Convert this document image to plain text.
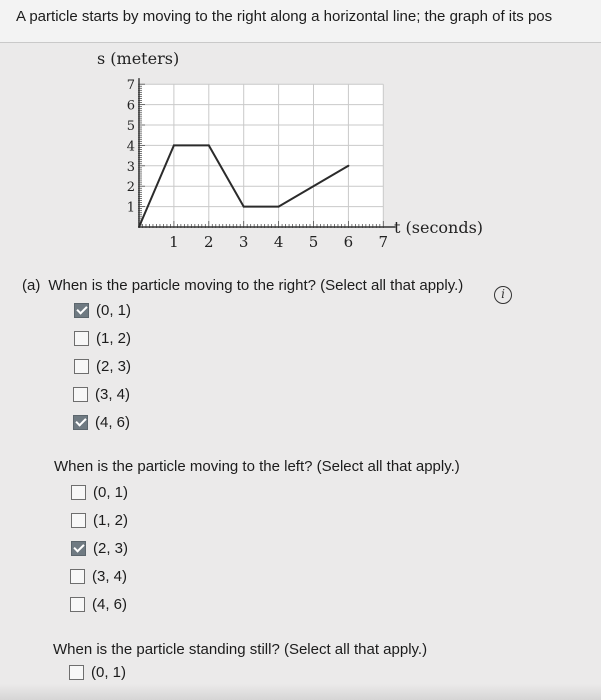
A particle starts by moving to the right along a horizontal line; the graph of its pos
1 2 3 4 5 6 7
1
2
3
4
5
6
7
s (meters)
t (seconds)
i
(a) When is the particle moving to the right? (Select all that apply.)
(0, 1)
(1, 2)
(2, 3)
(3, 4)
(4, 6)
When is the particle moving to the left? (Select all that apply.)
(0, 1)
(1, 2)
(2, 3)
(3, 4)
(4, 6)
When is the particle standing still? (Select all that apply.)
(0, 1)
